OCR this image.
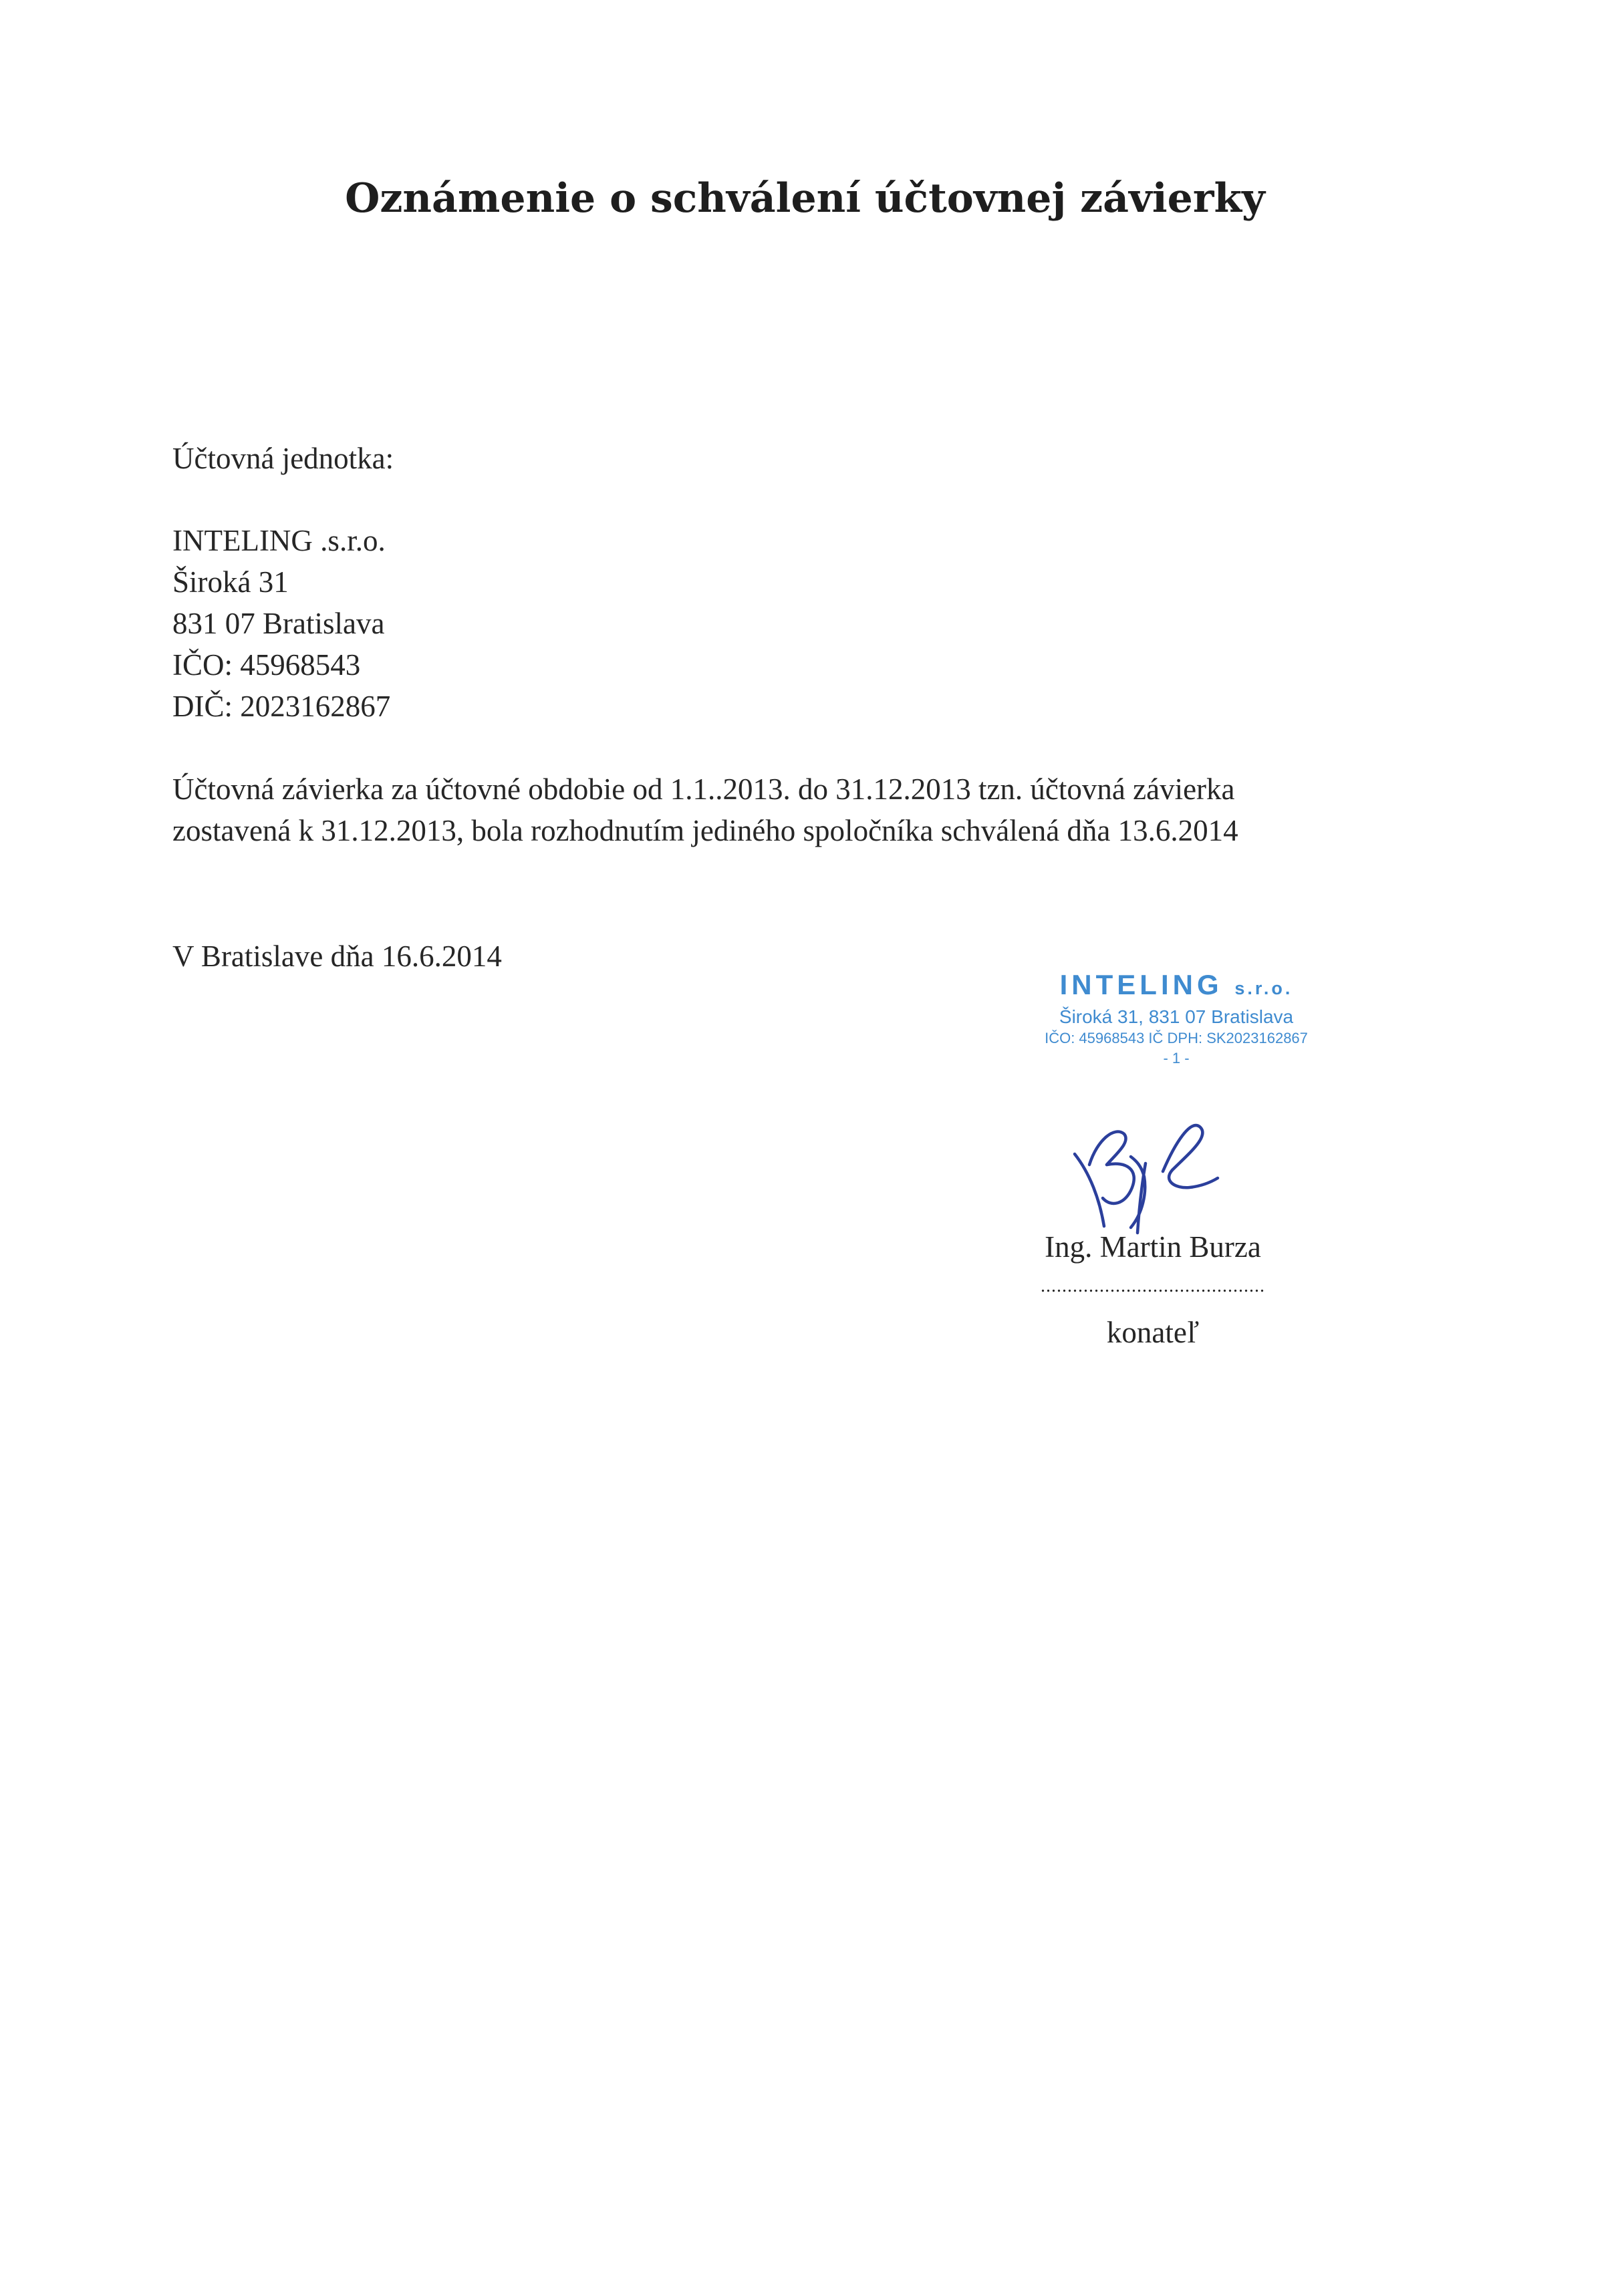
Oznámenie o schválení účtovnej závierky
Účtovná jednotka:
INTELING .s.r.o.
Široká 31
831 07 Bratislava
IČO: 45968543
DIČ: 2023162867
Účtovná závierka za účtovné obdobie od 1.1..2013. do 31.12.2013 tzn. účtovná závierka
zostavená k 31.12.2013, bola rozhodnutím jediného spoločníka schválená dňa 13.6.2014
V Bratislave dňa 16.6.2014
INTELING s.r.o.
Široká 31, 831 07 Bratislava
IČO: 45968543 IČ DPH: SK2023162867
- 1 -
Ing. Martin Burza
..........................................
konateľ
